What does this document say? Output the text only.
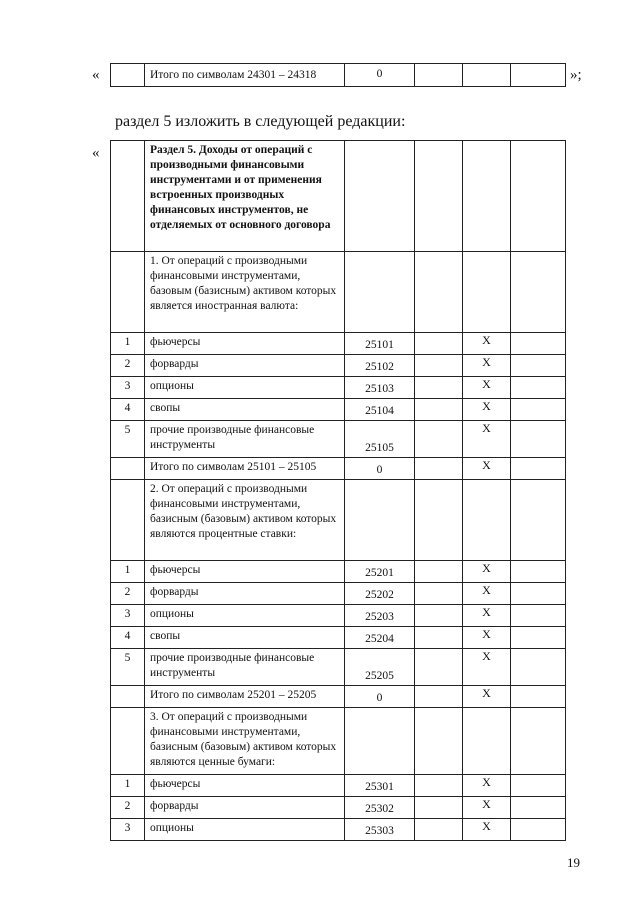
«
		Итого по символам 24301 – 24318	0				»;
раздел 5 изложить в следующей редакции:
«
		Раздел 5. Доходы от операций с производными финансовыми инструментами и от применения встроенных производных финансовых инструментов, не отделяемых от основного договора				
	1. От операций с производными финансовыми инструментами, базовым (базисным) активом которых является иностранная валюта:				
1	фьючерсы	25101		X	
2	форварды	25102		X	
3	опционы	25103		X	
4	свопы	25104		X	
5	прочие производные финансовые инструменты	25105		X	
	Итого по символам 25101 – 25105	0		X	
	2. От операций с производными финансовыми инструментами, базисным (базовым) активом которых являются процентные ставки:				
1	фьючерсы	25201		X	
2	форварды	25202		X	
3	опционы	25203		X	
4	свопы	25204		X	
5	прочие производные финансовые инструменты	25205		X	
	Итого по символам 25201 – 25205	0		X	
	3. От операций с производными финансовыми инструментами, базисным (базовым) активом которых являются ценные бумаги:				
1	фьючерсы	25301		X	
2	форварды	25302		X	
3	опционы	25303		X	
19
